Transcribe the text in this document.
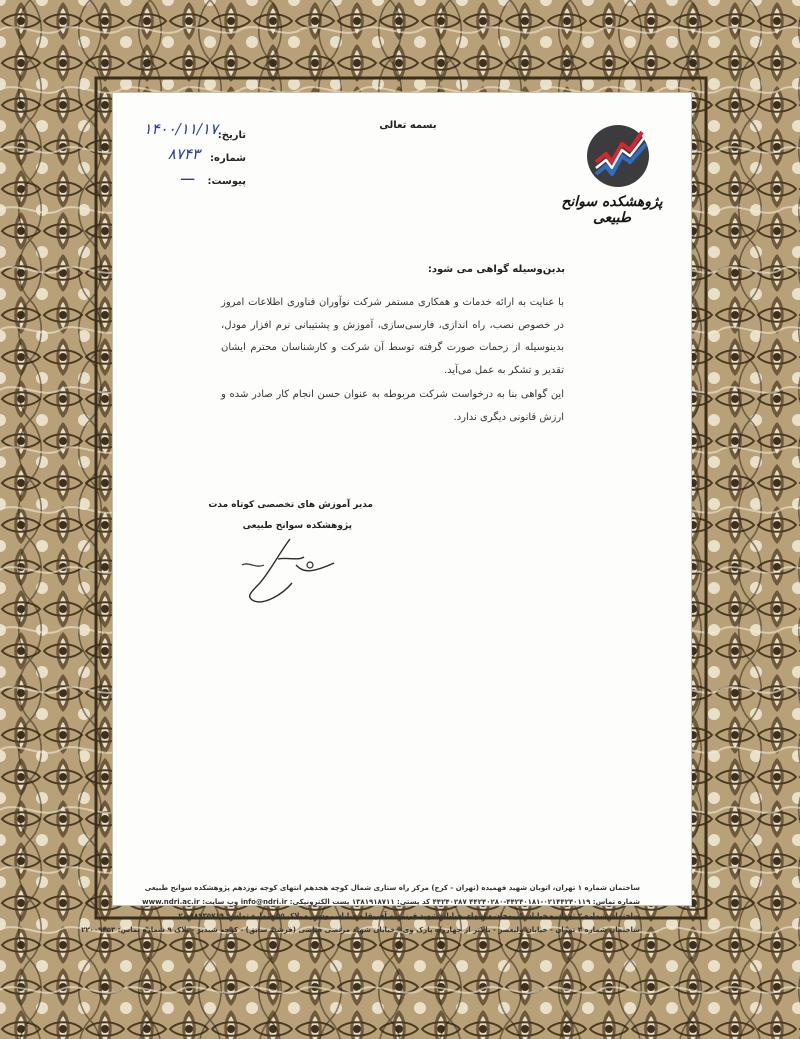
بسمه تعالی
تاریخ:
۱۴۰۰/۱۱/۱۷
شماره:
۸۷۴۳
پیوست:
ـــ
پژوهشکده سوانح طبیعی
بدین‌وسیله گواهی می شود:
با عنایت به ارائه خدمات و همکاری مستمر شرکت نوآوران فناوری اطلاعات امروز در خصوص نصب، راه اندازی، فارسی‌سازی، آموزش و پشتیبانی نرم افزار مودل، بدینوسیله از زحمات صورت گرفته توسط آن شرکت و کارشناسان محترم ایشان تقدیر و تشکر به عمل می‌آید.
این گواهی بنا به درخواست شرکت مربوطه به عنوان حسن انجام کار صادر شده و ارزش قانونی دیگری ندارد.
مدیر آموزش های تخصصی کوتاه مدت
پژوهشکده سوانح طبیعی
ساختمان شماره ۱ تهران، اتوبان شهید فهمیده (تهران - کرج) مرکز راه ستاری شمال کوچه هجدهم انتهای کوچه نوزدهم پژوهشکده سوانح طبیعی
شماره تماس: ۰۲۱۴۴۲۴۰۱۱۹-۴۴۲۴۰۱۸۱-۴۴۲۴۰۲۸۰ ۴۴۲۴۰۲۸۷ کد پستی: ۱۳۸۱۹۱۸۷۱۱ پست الکترونیکی: info@ndri.ir وب سایت: www.ndri.ac.ir
ساختمان شماره ۲ تهران - خیابان کریمخان - انتهای خیابان شهید قرنی به آفریقا - خیابان رودسر - پلاک ۵۵ شماره تماس: ۸۸۹۳۵۷۱۹-۲۰
ساختمان شماره ۳ تهران - خیابان ولیعصر - بالاتر از چهارراه پارک وی - خیابان شهید مرتضی فیاضی (فرشته سابق) - کوچه شبدیز - پلاک ۹ شماره تماس: ۲۲۰۰۹۴۵۳
